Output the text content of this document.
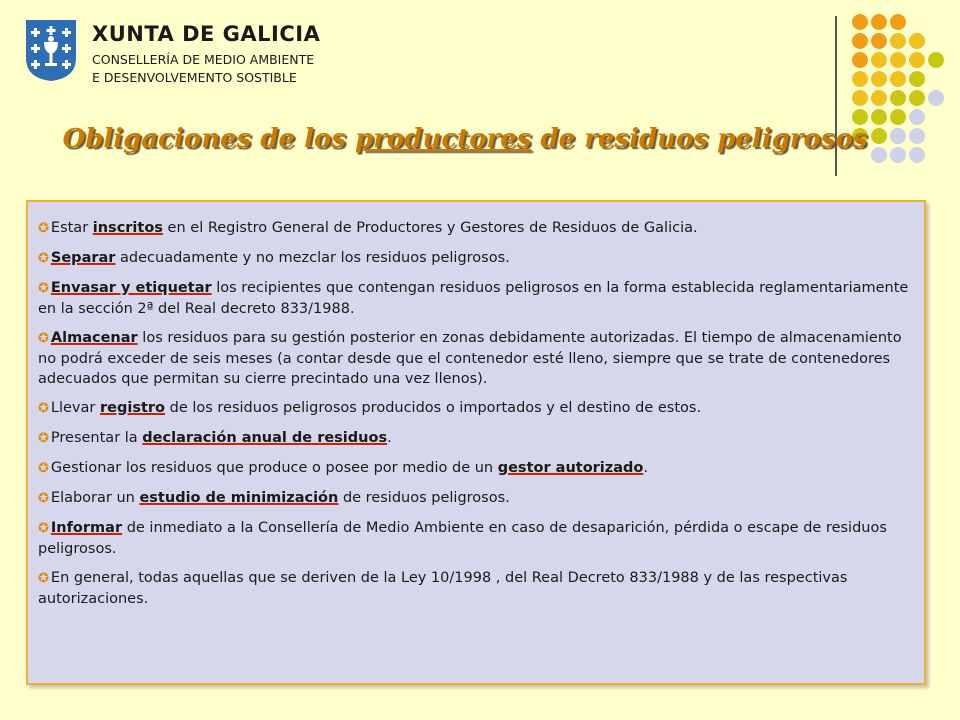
XUNTA DE GALICIA
CONSELLERÍA DE MEDIO AMBIENTE
E DESENVOLVEMENTO SOSTIBLE
Obligaciones de los productores de residuos peligrosos
✪ Estar inscritos en el Registro General de Productores y Gestores de Residuos de Galicia.
✪ Separar adecuadamente y no mezclar los residuos peligrosos.
✪ Envasar y etiquetar los recipientes que contengan residuos peligrosos en la forma establecida reglamentariamente en la sección 2ª del Real decreto 833/1988.
✪ Almacenar los residuos para su gestión posterior en zonas debidamente autorizadas. El tiempo de almacenamiento no podrá exceder de seis meses (a contar desde que el contenedor esté lleno, siempre que se trate de contenedores adecuados que permitan su cierre precintado una vez llenos).
✪ Llevar registro de los residuos peligrosos producidos o importados y el destino de estos.
✪ Presentar la declaración anual de residuos.
✪ Gestionar los residuos que produce o posee por medio de un gestor autorizado.
✪ Elaborar un estudio de minimización de residuos peligrosos.
✪ Informar de inmediato a la Consellería de Medio Ambiente en caso de desaparición, pérdida o escape de residuos peligrosos.
✪ En general, todas aquellas que se deriven de la Ley 10/1998 , del Real Decreto 833/1988 y de las respectivas autorizaciones.
